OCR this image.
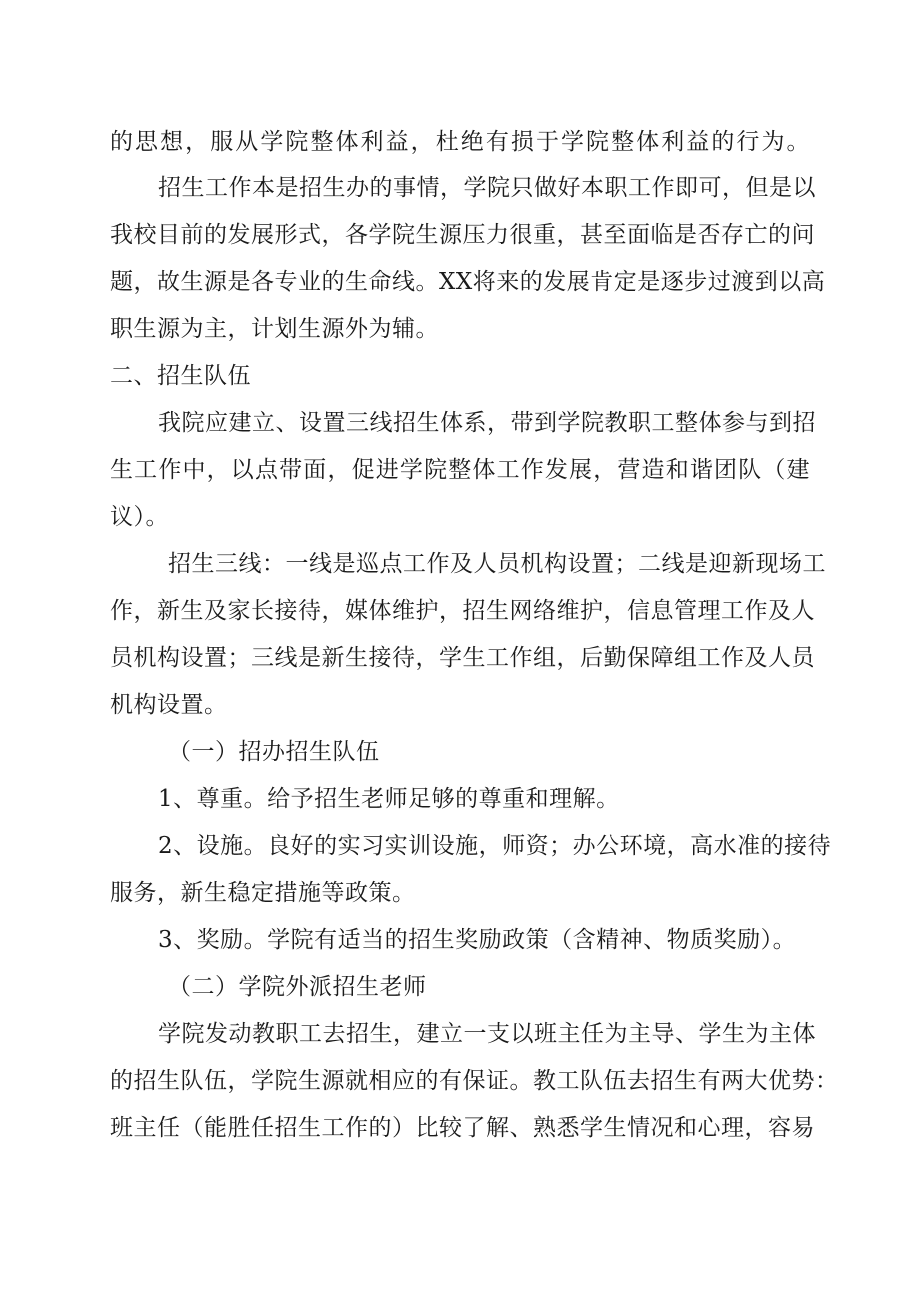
的思想，服从学院整体利益，杜绝有损于学院整体利益的行为。
招生工作本是招生办的事情，学院只做好本职工作即可，但是以
我校目前的发展形式，各学院生源压力很重，甚至面临是否存亡的问
题，故生源是各专业的生命线。XX将来的发展肯定是逐步过渡到以高
职生源为主，计划生源外为辅。
二、招生队伍
我院应建立、设置三线招生体系，带到学院教职工整体参与到招
生工作中，以点带面，促进学院整体工作发展，营造和谐团队（建
议）。
招生三线：一线是巡点工作及人员机构设置；二线是迎新现场工
作，新生及家长接待，媒体维护，招生网络维护，信息管理工作及人
员机构设置；三线是新生接待，学生工作组，后勤保障组工作及人员
机构设置。
（一）招办招生队伍
1、尊重。给予招生老师足够的尊重和理解。
2、设施。良好的实习实训设施，师资；办公环境，高水准的接待
服务，新生稳定措施等政策。
3、奖励。学院有适当的招生奖励政策（含精神、物质奖励）。
（二）学院外派招生老师
学院发动教职工去招生，建立一支以班主任为主导、学生为主体
的招生队伍，学院生源就相应的有保证。教工队伍去招生有两大优势：
班主任（能胜任招生工作的）比较了解、熟悉学生情况和心理，容易
